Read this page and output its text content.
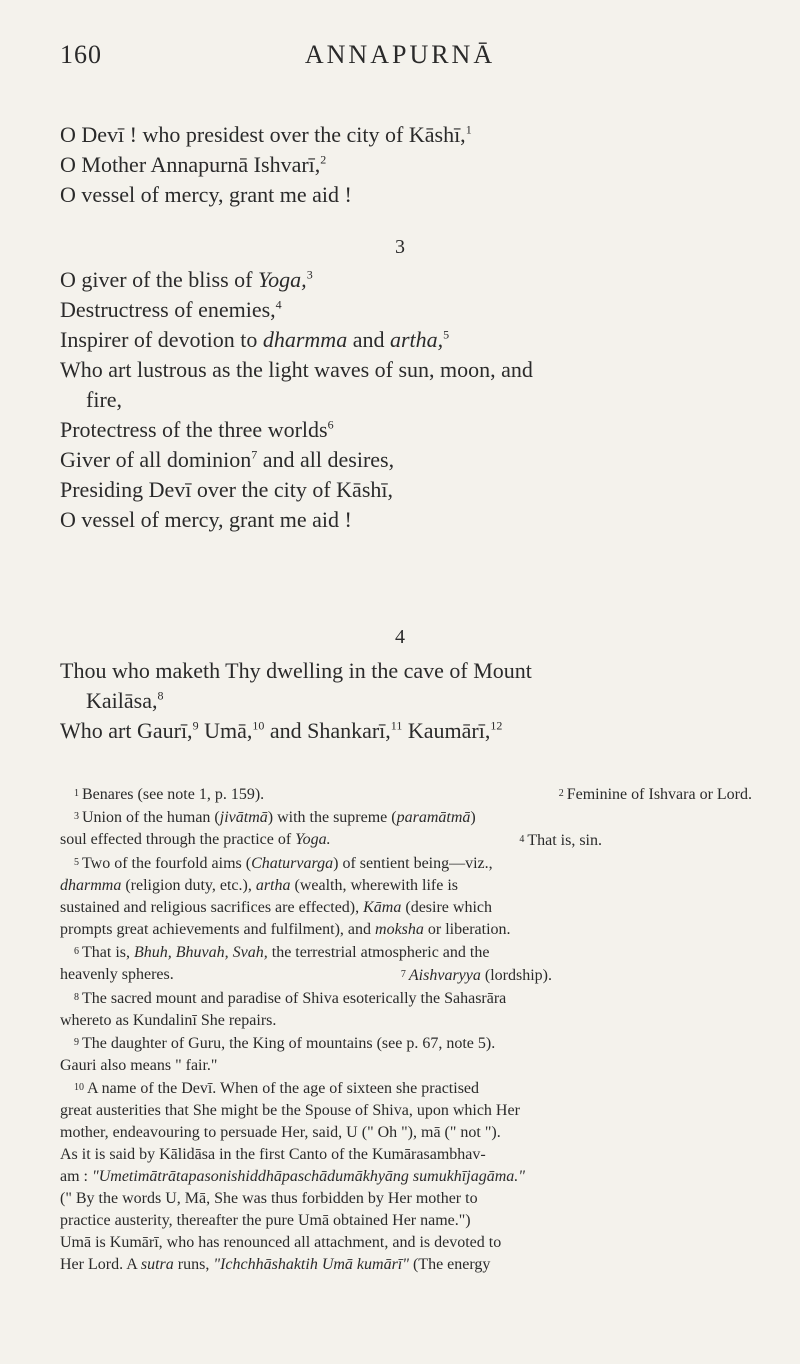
160	ANNAPURNĀ
O Devī ! who presidest over the city of Kāshī,$^1$
O Mother Annapurnā Ishvarī,$^2$
O vessel of mercy, grant me aid !
3
O giver of the bliss of Yoga,$^3$
Destructress of enemies,$^4$
Inspirer of devotion to dharmma and artha,$^5$
Who art lustrous as the light waves of sun, moon, and
fire,
Protectress of the three worlds$^6$
Giver of all dominion$^7$ and all desires,
Presiding Devī over the city of Kāshī,
O vessel of mercy, grant me aid !
4
Thou who maketh Thy dwelling in the cave of Mount
Kailāsa,$^8$
Who art Gaurī,$^9$ Umā,$^{10}$ and Shankarī,$^{11}$ Kaumārī,$^{12}$
1 Benares (see note 1, p. 159).	2 Feminine of Ishvara or Lord.

3 Union of the human (jivātmā) with the supreme (paramātmā)

soul effected through the practice of Yoga.	4 That is, sin.

5 Two of the fourfold aims (Chaturvarga) of sentient being—viz.,

dharmma (religion duty, etc.), artha (wealth, wherewith life is

sustained and religious sacrifices are effected), Kāma (desire which

prompts great achievements and fulfilment), and moksha or liberation.

6 That is, Bhuh, Bhuvah, Svah, the terrestrial atmospheric and the

heavenly spheres.	7 Aishvaryya (lordship).

8 The sacred mount and paradise of Shiva esoterically the Sahasrāra

whereto as Kundalinī She repairs.

9 The daughter of Guru, the King of mountains (see p. 67, note 5).

Gauri also means " fair."

10 A name of the Devī. When of the age of sixteen she practised

great austerities that She might be the Spouse of Shiva, upon which Her

mother, endeavouring to persuade Her, said, U (" Oh "), mā (" not ").

As it is said by Kālidāsa in the first Canto of the Kumārasambhav-

am : "Umetimātrātapasonishiddhāpaschādumākhyāng sumukhījagāma."

(" By the words U, Mā, She was thus forbidden by Her mother to

practice austerity, thereafter the pure Umā obtained Her name.")

Umā is Kumārī, who has renounced all attachment, and is devoted to

Her Lord. A sutra runs, "Ichchhāshaktih Umā kumārī" (The energy
